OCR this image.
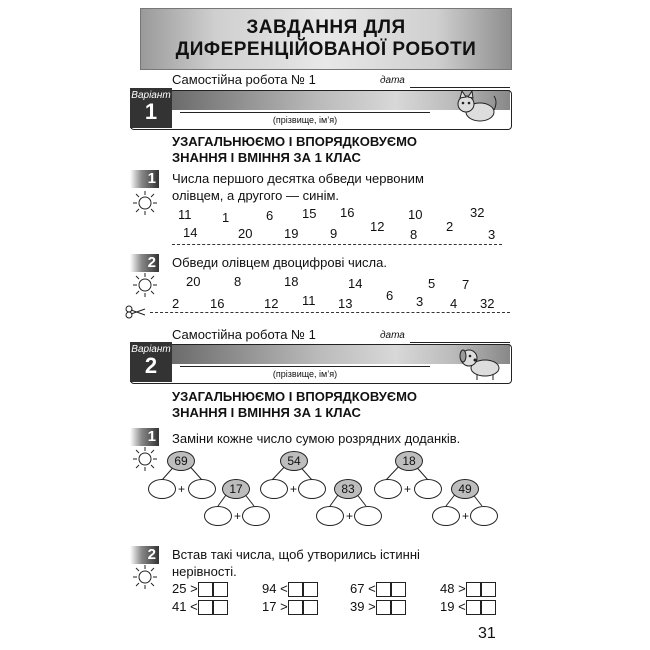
ЗАВДАННЯ ДЛЯ
ДИФЕРЕНЦІЙОВАНОЇ РОБОТИ
Самостійна робота № 1	дата
Варіант
1	(прізвище, ім’я)
УЗАГАЛЬНЮЄМО І ВПОРЯДКОВУЄМО
ЗНАННЯ І ВМІННЯ ЗА 1 КЛАС
1 Числа першого десятка обведи червоним
олівцем, а другого — синім.
11 1	6 15 16
12
10
2
32
14	20 19 9	8	3
2 Обведи олівцем двоцифрові числа.
20	8	18	14	5 7
2 16	12 11 13
6 3 4 32
Самостійна робота № 1	дата
Варіант
2	(прізвище, ім’я)
УЗАГАЛЬНЮЄМО І ВПОРЯДКОВУЄМО
ЗНАННЯ І ВМІННЯ ЗА 1 КЛАС
1 Заміни кожне число сумою розрядних доданків.
69
+	17
+
54
+	83
+
18
+	49
+
2 Встав такі числа, щоб утворились істинні
нерівності.
25 >	94 <	67 <	48 >
41 <	17 >	39 >	19 <
31
